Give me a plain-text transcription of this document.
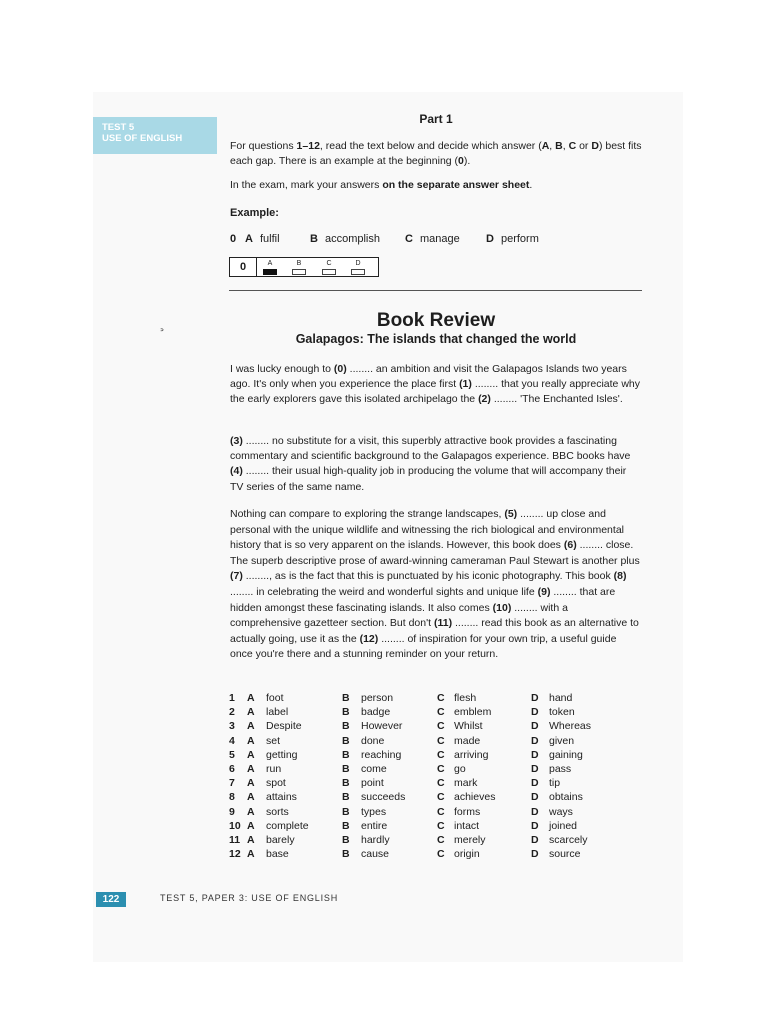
TEST 5
USE OF ENGLISH
Part 1

For questions 1–12, read the text below and decide which answer (A, B, C or D) best fits each gap. There is an example at the beginning (0).

In the exam, mark your answers on the separate answer sheet.

Example:
0 A fulfil	B accomplish C manage D perform
0	A	B	C	D
ᐣ
Book Review
Galapagos: The islands that changed the world

I was lucky enough to (0) ........ an ambition and visit the Galapagos Islands two years ago. It's only when you experience the place first (1) ........ that you really appreciate why the early explorers gave this isolated archipelago the (2) ........ 'The Enchanted Isles'.

(3) ........ no substitute for a visit, this superbly attractive book provides a fascinating commentary and scientific background to the Galapagos experience. BBC books have (4) ........ their usual high-quality job in producing the volume that will accompany their TV series of the same name.

Nothing can compare to exploring the strange landscapes, (5) ........ up close and personal with the unique wildlife and witnessing the rich biological and environmental history that is so very apparent on the islands. However, this book does (6) ........ close. The superb descriptive prose of award-winning cameraman Paul Stewart is another plus (7) ........, as is the fact that this is punctuated by his iconic photography. This book (8) ........ in celebrating the weird and wonderful sights and unique life (9) ........ that are hidden amongst these fascinating islands. It also comes (10) ........ with a comprehensive gazetteer section. But don't (11) ........ read this book as an alternative to actually going, use it as the (12) ........ of inspiration for your own trip, a useful guide once you're there and a stunning reminder on your return.

1	A foot	B person	C flesh	D hand
2	A label	B badge	C emblem	D token
3	A Despite	B However	C Whilst	D Whereas
4	A set	B done	C made	D given
5	A getting	B reaching	C arriving	D gaining
6	A run	B come	C go	D pass
7	A spot	B point	C mark	D tip
8	A attains	B succeeds	C achieves	D obtains
9	A sorts	B types	C forms	D ways
10 A complete	B entire	C intact	D joined
11 A barely	B hardly	C merely	D scarcely
12 A base	B cause	C origin	D source
122	TEST 5, PAPER 3: USE OF ENGLISH
